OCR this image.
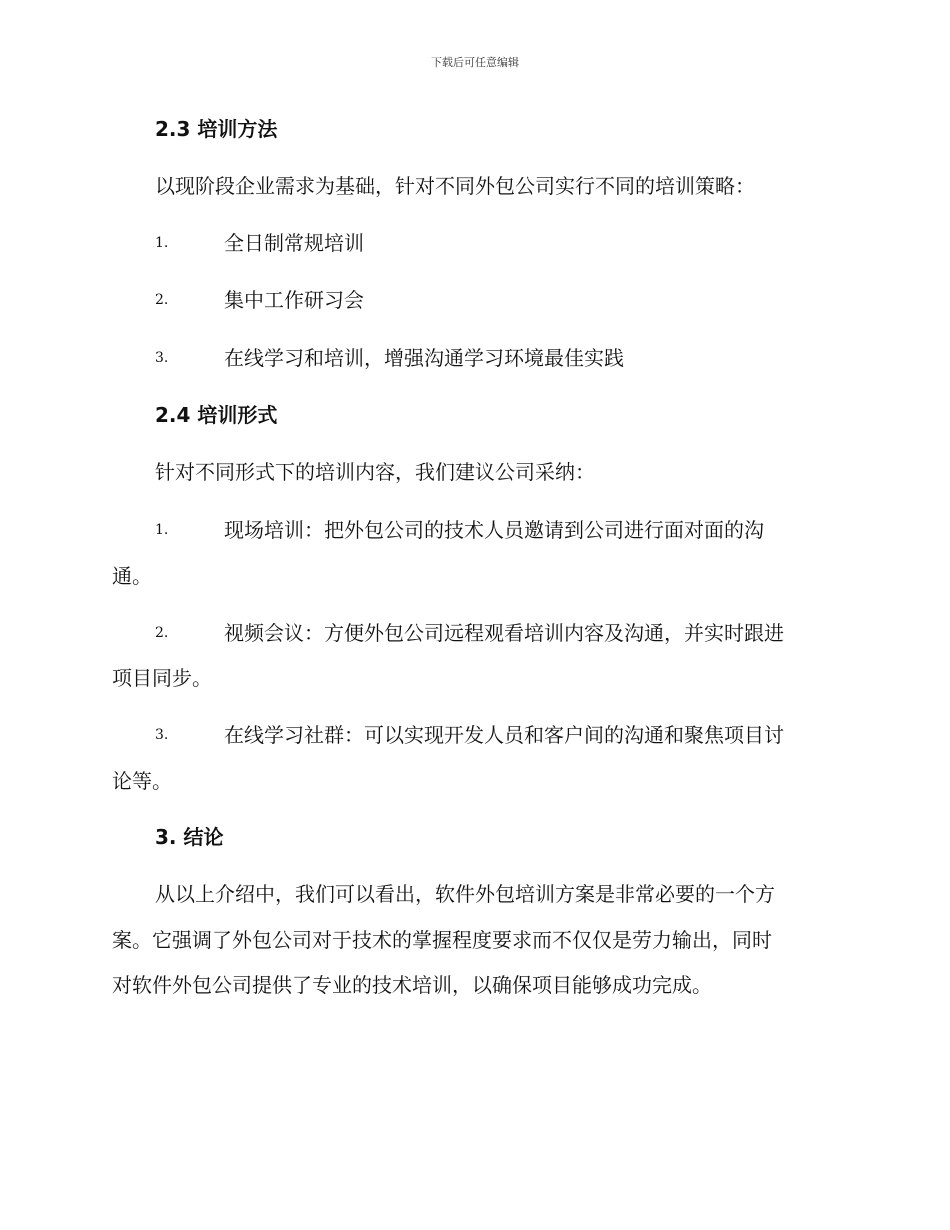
下载后可任意编辑
2.3 培训方法
以现阶段企业需求为基础，针对不同外包公司实行不同的培训策略：
1.	全日制常规培训
2.	集中工作研习会
3.	在线学习和培训，增强沟通学习环境最佳实践
2.4 培训形式
针对不同形式下的培训内容，我们建议公司采纳：
1.	现场培训：把外包公司的技术人员邀请到公司进行面对面的沟
通。
2.	视频会议：方便外包公司远程观看培训内容及沟通，并实时跟进
项目同步。
3.	在线学习社群：可以实现开发人员和客户间的沟通和聚焦项目讨
论等。
3. 结论
从以上介绍中，我们可以看出，软件外包培训方案是非常必要的一个方
案。它强调了外包公司对于技术的掌握程度要求而不仅仅是劳力输出，同时
对软件外包公司提供了专业的技术培训，以确保项目能够成功完成。
